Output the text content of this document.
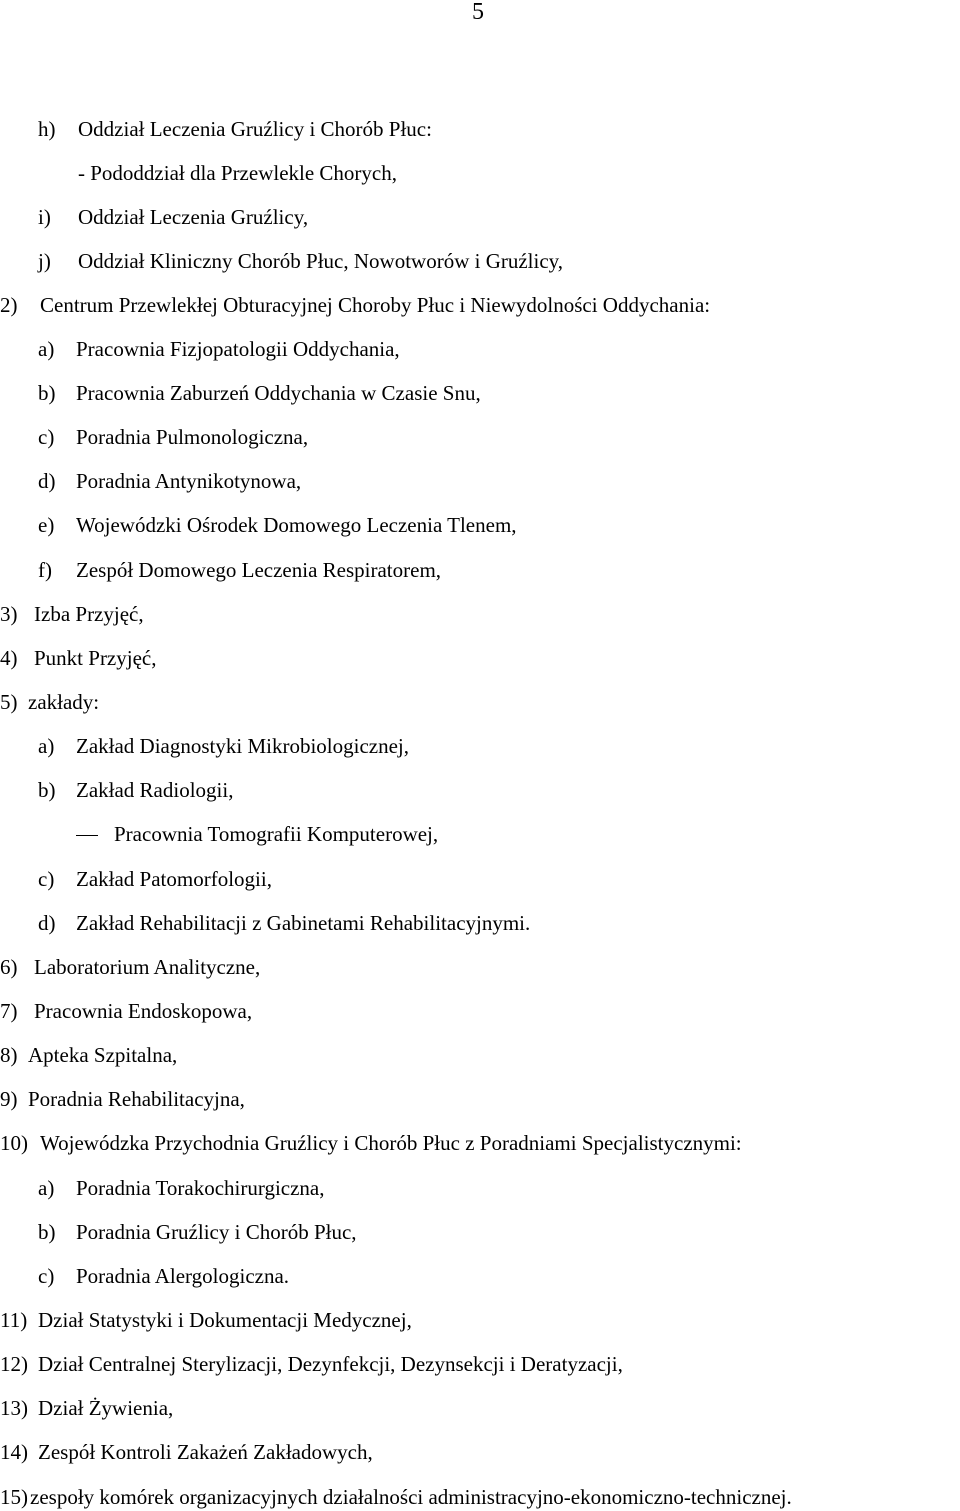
5
h) Oddział Leczenia Gruźlicy i Chorób Płuc:
- Pododdział dla Przewlekle Chorych,
i) Oddział Leczenia Gruźlicy,
j) Oddział Kliniczny Chorób Płuc, Nowotworów i Gruźlicy,
2) Centrum Przewlekłej Obturacyjnej Choroby Płuc i Niewydolności Oddychania:
a) Pracownia Fizjopatologii Oddychania,
b) Pracownia Zaburzeń Oddychania w Czasie Snu,
c) Poradnia Pulmonologiczna,
d) Poradnia Antynikotynowa,
e) Wojewódzki Ośrodek Domowego Leczenia Tlenem,
f) Zespół Domowego Leczenia Respiratorem,
3) Izba Przyjęć,
4) Punkt Przyjęć,
5) zakłady:
a) Zakład Diagnostyki Mikrobiologicznej,
b) Zakład Radiologii,
Pracownia Tomografii Komputerowej,
c) Zakład Patomorfologii,
d) Zakład Rehabilitacji z Gabinetami Rehabilitacyjnymi.
6) Laboratorium Analityczne,
7) Pracownia Endoskopowa,
8) Apteka Szpitalna,
9) Poradnia Rehabilitacyjna,
10) Wojewódzka Przychodnia Gruźlicy i Chorób Płuc z Poradniami Specjalistycznymi:
a) Poradnia Torakochirurgiczna,
b) Poradnia Gruźlicy i Chorób Płuc,
c) Poradnia Alergologiczna.
11) Dział Statystyki i Dokumentacji Medycznej,
12) Dział Centralnej Sterylizacji, Dezynfekcji, Dezynsekcji i Deratyzacji,
13) Dział Żywienia,
14) Zespół Kontroli Zakażeń Zakładowych,
15)zespoły komórek organizacyjnych działalności administracyjno-ekonomiczno-technicznej.
